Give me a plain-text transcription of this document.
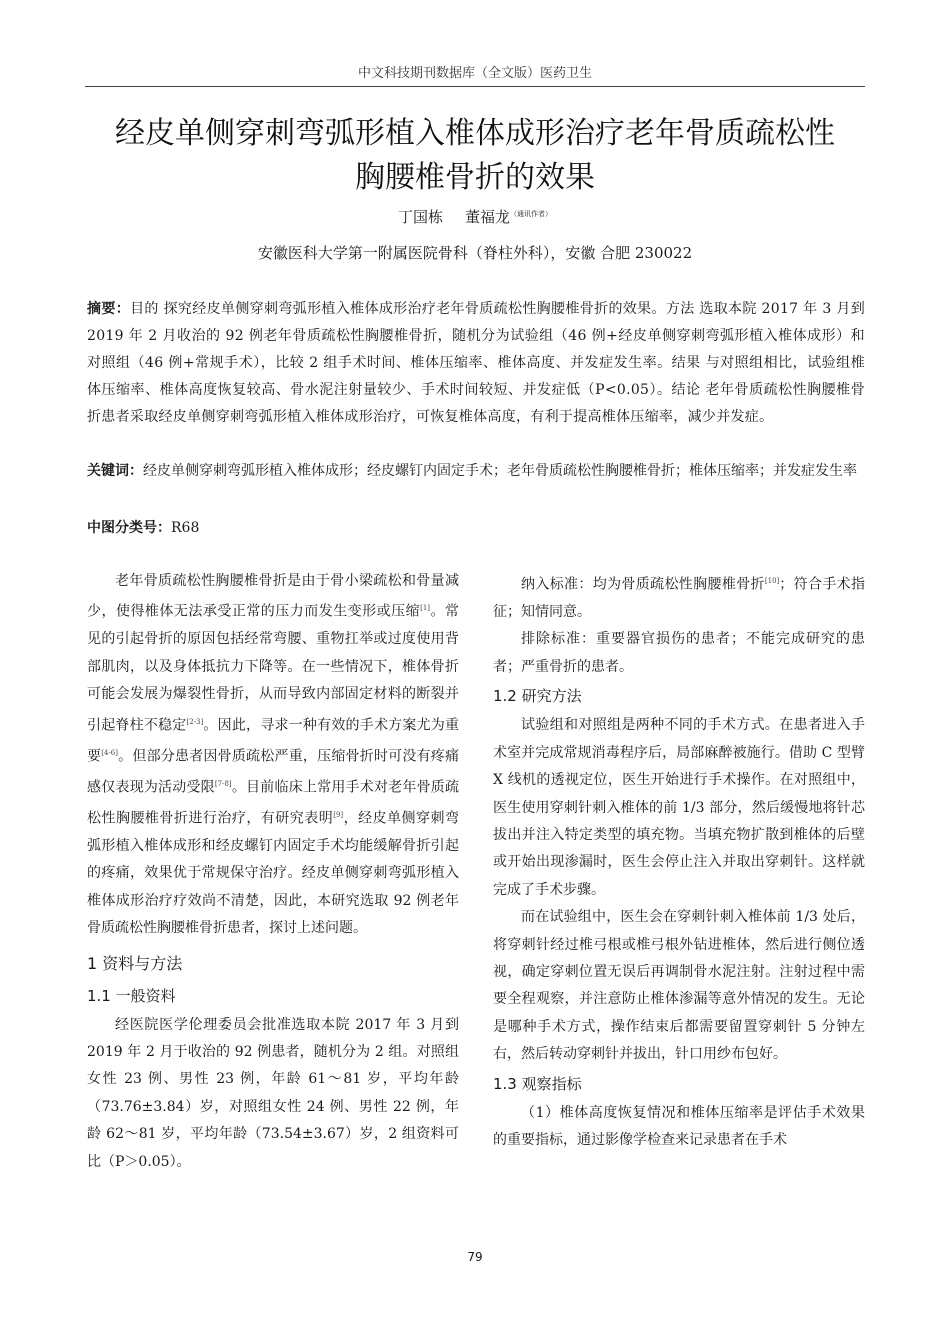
中文科技期刊数据库（全文版）医药卫生
经皮单侧穿刺弯弧形植入椎体成形治疗老年骨质疏松性
胸腰椎骨折的效果
丁国栋 董福龙$^{(通讯作者)}$
安徽医科大学第一附属医院骨科（脊柱外科），安徽 合肥 230022
摘要：目的 探究经皮单侧穿刺弯弧形植入椎体成形治疗老年骨质疏松性胸腰椎骨折的效果。方法 选取本院 2017 年 3 月到 2019 年 2 月收治的 92 例老年骨质疏松性胸腰椎骨折，随机分为试验组（46 例+经皮单侧穿刺弯弧形植入椎体成形）和对照组（46 例+常规手术），比较 2 组手术时间、椎体压缩率、椎体高度、并发症发生率。结果 与对照组相比，试验组椎体压缩率、椎体高度恢复较高、骨水泥注射量较少、手术时间较短、并发症低（P<0.05）。结论 老年骨质疏松性胸腰椎骨折患者采取经皮单侧穿刺弯弧形植入椎体成形治疗，可恢复椎体高度，有利于提高椎体压缩率，减少并发症。
关键词：经皮单侧穿刺弯弧形植入椎体成形；经皮螺钉内固定手术；老年骨质疏松性胸腰椎骨折；椎体压缩率；并发症发生率
中图分类号：R68

老年骨质疏松性胸腰椎骨折是由于骨小梁疏松和骨量减少，使得椎体无法承受正常的压力而发生变形或压缩[1]。常见的引起骨折的原因包括经常弯腰、重物扛举或过度使用背部肌肉，以及身体抵抗力下降等。在一些情况下，椎体骨折可能会发展为爆裂性骨折，从而导致内部固定材料的断裂并引起脊柱不稳定[2-3]。因此，寻求一种有效的手术方案尤为重要[4-6]。但部分患者因骨质疏松严重，压缩骨折时可没有疼痛感仅表现为活动受限[7-8]。目前临床上常用手术对老年骨质疏松性胸腰椎骨折进行治疗，有研究表明[9]，经皮单侧穿刺弯弧形植入椎体成形和经皮螺钉内固定手术均能缓解骨折引起的疼痛，效果优于常规保守治疗。经皮单侧穿刺弯弧形植入椎体成形治疗疗效尚不清楚，因此，本研究选取 92 例老年骨质疏松性胸腰椎骨折患者，探讨上述问题。

1 资料与方法
1.1 一般资料

经医院医学伦理委员会批准选取本院 2017 年 3 月到 2019 年 2 月于收治的 92 例患者，随机分为 2 组。对照组女性 23 例、男性 23 例，年龄 61～81 岁，平均年龄（73.76±3.84）岁，对照组女性 24 例、男性 22 例，年龄 62～81 岁，平均年龄（73.54±3.67）岁，2 组资料可比（P＞0.05）。

纳入标准：均为骨质疏松性胸腰椎骨折[10]；符合手术指征；知情同意。

排除标准：重要器官损伤的患者；不能完成研究的患者；严重骨折的患者。

1.2 研究方法

试验组和对照组是两种不同的手术方式。在患者进入手术室并完成常规消毒程序后，局部麻醉被施行。借助 C 型臂 X 线机的透视定位，医生开始进行手术操作。在对照组中，医生使用穿刺针刺入椎体的前 1/3 部分，然后缓慢地将针芯拔出并注入特定类型的填充物。当填充物扩散到椎体的后壁或开始出现渗漏时，医生会停止注入并取出穿刺针。这样就完成了手术步骤。

而在试验组中，医生会在穿刺针刺入椎体前 1/3 处后，将穿刺针经过椎弓根或椎弓根外钻进椎体，然后进行侧位透视，确定穿刺位置无误后再调制骨水泥注射。注射过程中需要全程观察，并注意防止椎体渗漏等意外情况的发生。无论是哪种手术方式，操作结束后都需要留置穿刺针 5 分钟左右，然后转动穿刺针并拔出，针口用纱布包好。

1.3 观察指标

（1）椎体高度恢复情况和椎体压缩率是评估手术效果的重要指标，通过影像学检查来记录患者在手术

79
